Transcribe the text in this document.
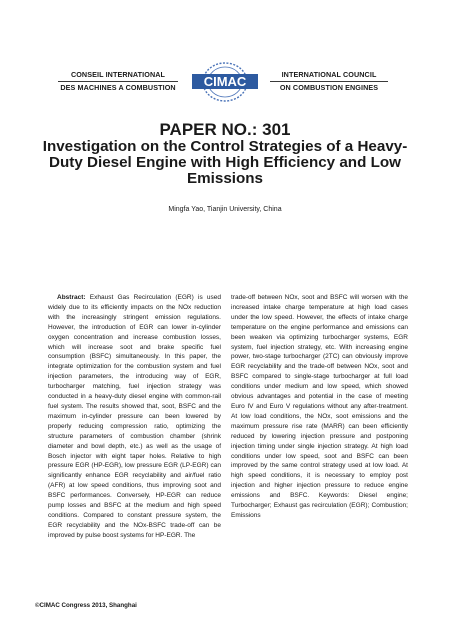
CONSEIL INTERNATIONAL
DES MACHINES A COMBUSTION CIMAC	INTERNATIONAL COUNCIL
ON COMBUSTION ENGINES
PAPER NO.: 301
Investigation on the Control Strategies of a Heavy-Duty Diesel Engine with High Efficiency and Low Emissions
Mingfa Yao, Tianjin University, China
Abstract: Exhaust Gas Recirculation (EGR) is used widely due to its efficiently impacts on the NOx reduction with the increasingly stringent emission regulations. However, the introduction of EGR can lower in-cylinder oxygen concentration and increase combustion losses, which will increase soot and brake specific fuel consumption (BSFC) simultaneously. In this paper, the integrate optimization for the combustion system and fuel injection parameters, the introducing way of EGR, turbocharger matching, fuel injection strategy was conducted in a heavy-duty diesel engine with common-rail fuel system. The results showed that, soot, BSFC and the maximum in-cylinder pressure can been lowered by properly reducing compression ratio, optimizing the structure parameters of combustion chamber (shrink diameter and bowl depth, etc.) as well as the usage of Bosch injector with eight taper holes. Relative to high pressure EGR (HP-EGR), low pressure EGR (LP-EGR) can significantly enhance EGR recyclability and air/fuel ratio (AFR) at low speed conditions, thus improving soot and BSFC performances. Conversely, HP-EGR can reduce pump losses and BSFC at the medium and high speed conditions. Compared to constant pressure system, the EGR recyclability and the NOx-BSFC trade-off can be improved by pulse boost systems for HP-EGR. The
trade-off between NOx, soot and BSFC will worsen with the increased intake charge temperature at high load cases under the low speed. However, the effects of intake charge temperature on the engine performance and emissions can been weaken via optimizing turbocharger systems, EGR system, fuel injection strategy, etc. With increasing engine power, two-stage turbocharger (2TC) can obviously improve EGR recyclability and the trade-off between NOx, soot and BSFC compared to single-stage turbocharger at full load conditions under medium and low speed, which showed obvious advantages and potential in the case of meeting Euro IV and Euro V regulations without any after-treatment. At low load conditions, the NOx, soot emissions and the maximum pressure rise rate (MARR) can been efficiently reduced by lowering injection pressure and postponing injection timing under single injection strategy. At high load conditions under low speed, soot and BSFC can been improved by the same control strategy used at low load. At high speed conditions, it is necessary to employ post injection and higher injection pressure to reduce engine emissions and BSFC. Keywords: Diesel engine; Turbocharger; Exhaust gas recirculation (EGR); Combustion; Emissions
©CIMAC Congress 2013, Shanghai
